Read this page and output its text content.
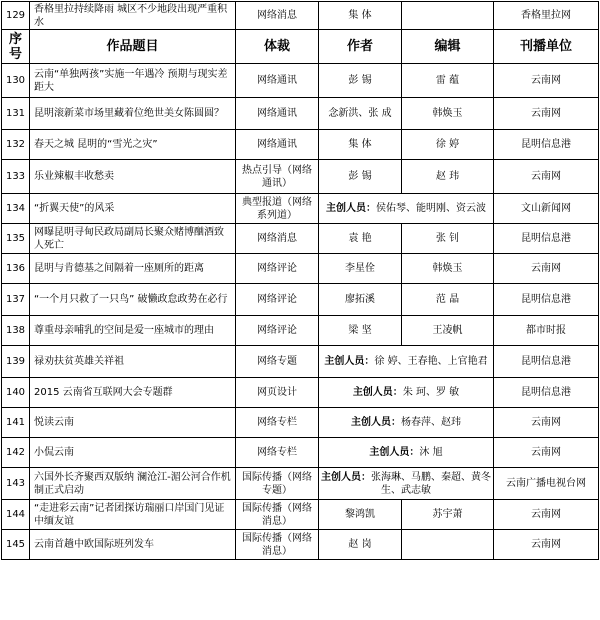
129	香格里拉持续降雨 城区不少地段出现严重积水	网络消息	集 体		香格里拉网
序号	作品题目	体裁	作者	编辑	刊播单位
130	云南“单独两孩”实施一年遇冷 预期与现实差距大	网络通讯	彭 锡	雷 蕴	云南网
131	昆明滚新菜市场里藏着位绝世美女陈圆圆？	网络通讯	念新洪、张 成	韩焕玉	云南网
132	春天之城 昆明的“雪光之灾”	网络通讯	集 体	徐 婷	昆明信息港
133	乐业辣椒丰收愁卖	热点引导（网络通讯）	彭 锡	赵 玮	云南网
134	“折翼天使”的风采	典型报道（网络系列道）	主创人员：侯佑琴、能明刚、资云波		文山新闻网
135	网曝昆明寻甸民政局副局长聚众赌博酗酒致人死亡	网络消息	袁 艳	张 钊	昆明信息港
136	昆明与肯德基之间隔着一座厕所的距离	网络评论	李星佺	韩焕玉	云南网
137	“一个月只救了一只鸟” 破懒政怠政势在必行	网络评论	廖拓溪	范 晶	昆明信息港
138	尊重母亲哺乳的空间是爱一座城市的理由	网络评论	梁 坚	王凌帆	都市时报
139	禄劝扶贫英雄关祥祖	网络专题	主创人员：徐 婷、王春艳、上官艳君		昆明信息港
140	2015 云南省互联网大会专题群	网页设计	主创人员：朱 珂、罗 敏		昆明信息港
141	悦读云南	网络专栏	主创人员：杨春萍、赵玮		云南网
142	小侃云南	网络专栏	主创人员：沐 旭		云南网
143	六国外长齐聚西双版纳 澜沧江-湄公河合作机制正式启动	国际传播（网络专题）	主创人员：张海琳、马鹏、秦超、黄冬生、武志敏		云南广播电视台网
144	“走进彩云南”记者团探访瑞丽口岸国门见证中缅友谊	国际传播（网络消息）	黎鸿凯	苏宇萧	云南网
145	云南首趟中欧国际班列发车	国际传播（网络消息）	赵 岗		云南网
